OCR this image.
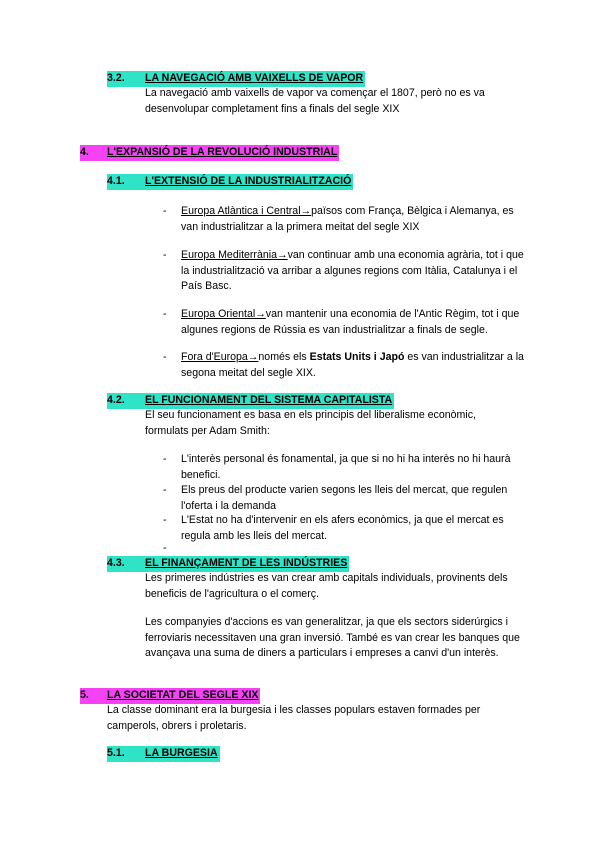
3.2. LA NAVEGACIÓ AMB VAIXELLS DE VAPOR
La navegació amb vaixells de vapor va començar el 1807, però no es va desenvolupar completament fins a finals del segle XIX
4. L'EXPANSIÓ DE LA REVOLUCIÓ INDUSTRIAL
4.1. L'EXTENSIÓ DE LA INDUSTRIALITZACIÓ
- Europa Atlàntica i Central→països com França, Bèlgica i Alemanya, es van industrialitzar a la primera meitat del segle XIX
- Europa Mediterrània→van continuar amb una economia agrària, tot i que la industrialització va arribar a algunes regions com Itàlia, Catalunya i el País Basc.
- Europa Oriental→van mantenir una economia de l'Antic Règim, tot i que algunes regions de Rússia es van industrialitzar a finals de segle.
- Fora d'Europa→només els Estats Units i Japó es van industrialitzar a la segona meitat del segle XIX.
4.2. EL FUNCIONAMENT DEL SISTEMA CAPITALISTA
El seu funcionament es basa en els principis del liberalisme econòmic, formulats per Adam Smith:
- L'interès personal és fonamental, ja que si no hi ha interès no hi haurà benefici.
- Els preus del producte varien segons les lleis del mercat, que regulen l'oferta i la demanda
- L'Estat no ha d'intervenir en els afers econòmics, ja que el mercat es regula amb les lleis del mercat.
-
4.3. EL FINANÇAMENT DE LES INDÚSTRIES
Les primeres indústries es van crear amb capitals individuals, provinents dels beneficis de l'agricultura o el comerç.
Les companyies d'accions es van generalitzar, ja que els sectors siderúrgics i ferroviaris necessitaven una gran inversió. També es van crear les banques que avançava una suma de diners a particulars i empreses a canvi d'un interès.
5. LA SOCIETAT DEL SEGLE XIX
La classe dominant era la burgesia i les classes populars estaven formades per camperols, obrers i proletaris.
5.1. LA BURGESIA
